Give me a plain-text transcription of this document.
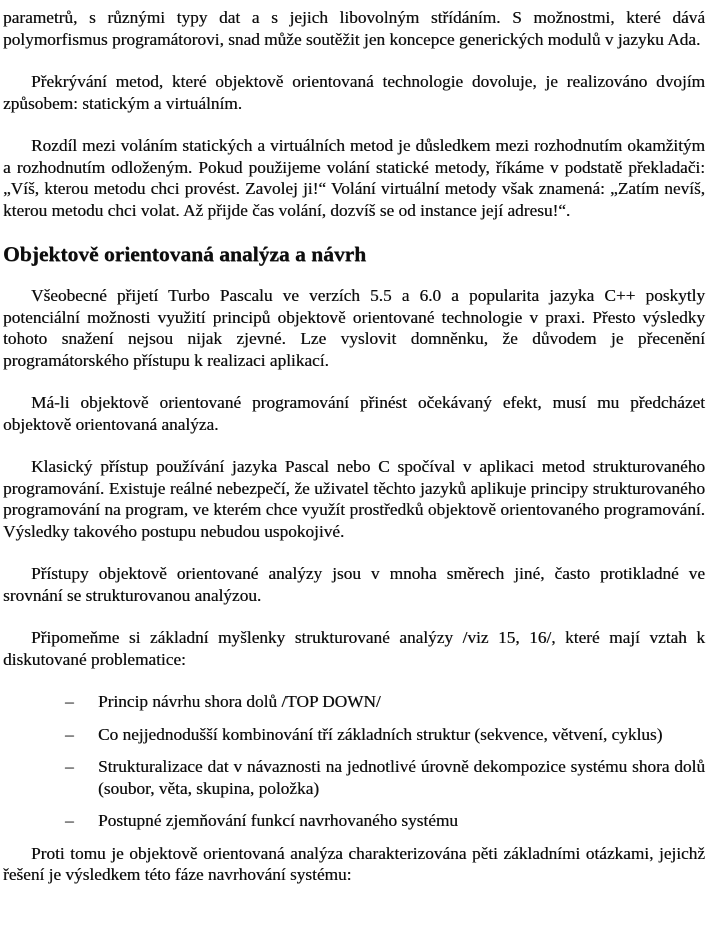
parametrů, s různými typy dat a s jejich libovolným střídáním. S možnostmi, které dává polymorfismus programátorovi, snad může soutěžit jen koncepce generických modulů v jazyku Ada.

Překrývání metod, které objektově orientovaná technologie dovoluje, je realizováno dvojím způsobem: statickým a virtuálním.

Rozdíl mezi voláním statických a virtuálních metod je důsledkem mezi rozhodnutím okamžitým a rozhodnutím odloženým. Pokud použijeme volání statické metody, říkáme v podstatě překladači: „Víš, kterou metodu chci provést. Zavolej ji!“ Volání virtuální metody však znamená: „Zatím nevíš, kterou metodu chci volat. Až přijde čas volání, dozvíš se od instance její adresu!“.

Objektově orientovaná analýza a návrh

Všeobecné přijetí Turbo Pascalu ve verzích 5.5 a 6.0 a popularita jazyka C++ poskytly potenciální možnosti využití principů objektově orientované technologie v praxi. Přesto výsledky tohoto snažení nejsou nijak zjevné. Lze vyslovit domněnku, že důvodem je přecenění programátorského přístupu k realizaci aplikací.

Má-li objektově orientované programování přinést očekávaný efekt, musí mu předcházet objektově orientovaná analýza.

Klasický přístup používání jazyka Pascal nebo C spočíval v aplikaci metod strukturovaného programování. Existuje reálné nebezpečí, že uživatel těchto jazyků aplikuje principy strukturovaného programování na program, ve kterém chce využít prostředků objektově orientovaného programování. Výsledky takového postupu nebudou uspokojivé.

Přístupy objektově orientované analýzy jsou v mnoha směrech jiné, často protikladné ve srovnání se strukturovanou analýzou.

Připomeňme si základní myšlenky strukturované analýzy /viz 15, 16/, které mají vztah k diskutované problematice:

–	Princip návrhu shora dolů /TOP DOWN/
–	Co nejjednodušší kombinování tří základních struktur (sekvence, větvení, cyklus)
–	Strukturalizace dat v návaznosti na jednotlivé úrovně dekompozice systému shora dolů (soubor, věta, skupina, položka)
–	Postupné zjemňování funkcí navrhovaného systému

Proti tomu je objektově orientovaná analýza charakterizována pěti základními otázkami, jejichž řešení je výsledkem této fáze navrhování systému:
